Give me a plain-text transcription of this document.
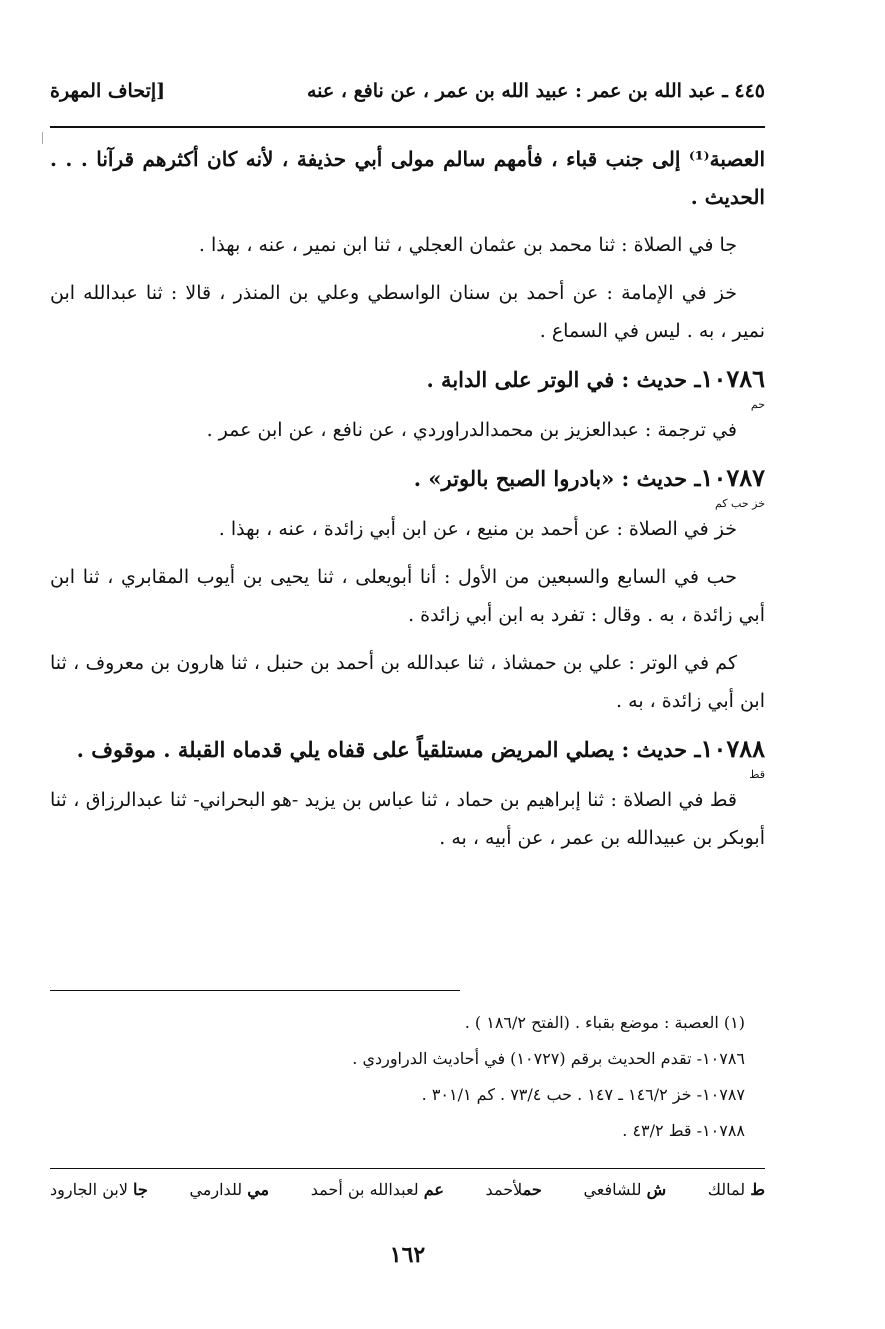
٤٤٥ ـ عبد الله بن عمر : عبيد الله بن عمر ، عن نافع ، عنه
[إتحاف المهرة

العصبة⁽¹⁾ إلى جنب قباء ، فأمهم سالم مولى أبي حذيفة ، لأنه كان أكثرهم قرآنا . . . الحديث .

جا في الصلاة : ثنا محمد بن عثمان العجلي ، ثنا ابن نمير ، عنه ، بهذا .

خز في الإمامة : عن أحمد بن سنان الواسطي وعلي بن المنذر ، قالا : ثنا عبدالله ابن نمير ، به . ليس في السماع .

١٠٧٨٦ـ حديث : في الوتر على الدابة .
حم

في ترجمة : عبدالعزيز بن محمدالدراوردي ، عن نافع ، عن ابن عمر .

١٠٧٨٧ـ حديث : «بادروا الصبح بالوتر» .
خز حب كم

خز في الصلاة : عن أحمد بن منيع ، عن ابن أبي زائدة ، عنه ، بهذا .

حب في السابع والسبعين من الأول : أنا أبويعلى ، ثنا يحيى بن أيوب المقابري ، ثنا ابن أبي زائدة ، به . وقال : تفرد به ابن أبي زائدة .

كم في الوتر : علي بن حمشاذ ، ثنا عبدالله بن أحمد بن حنبل ، ثنا هارون بن معروف ، ثنا ابن أبي زائدة ، به .

١٠٧٨٨ـ حديث : يصلي المريض مستلقياً على قفاه يلي قدماه القبلة . موقوف .
قط

قط في الصلاة : ثنا إبراهيم بن حماد ، ثنا عباس بن يزيد -هو البحراني- ثنا عبدالرزاق ، ثنا أبوبكر بن عبيدالله بن عمر ، عن أبيه ، به .

(١) العصبة : موضع بقباء . (الفتح ١٨٦/٢ ) .
١٠٧٨٦- تقدم الحديث برقم (١٠٧٢٧) في أحاديث الدراوردي .
١٠٧٨٧- خز ١٤٦/٢ ـ ١٤٧ . حب ٧٣/٤ . كم ٣٠١/١ .
١٠٧٨٨- قط ٤٣/٢ .
ط لمالك
ش للشافعي
حملأحمد
عم لعبدالله بن أحمد
مي للدارمي
جا لابن الجارود
١٦٢
